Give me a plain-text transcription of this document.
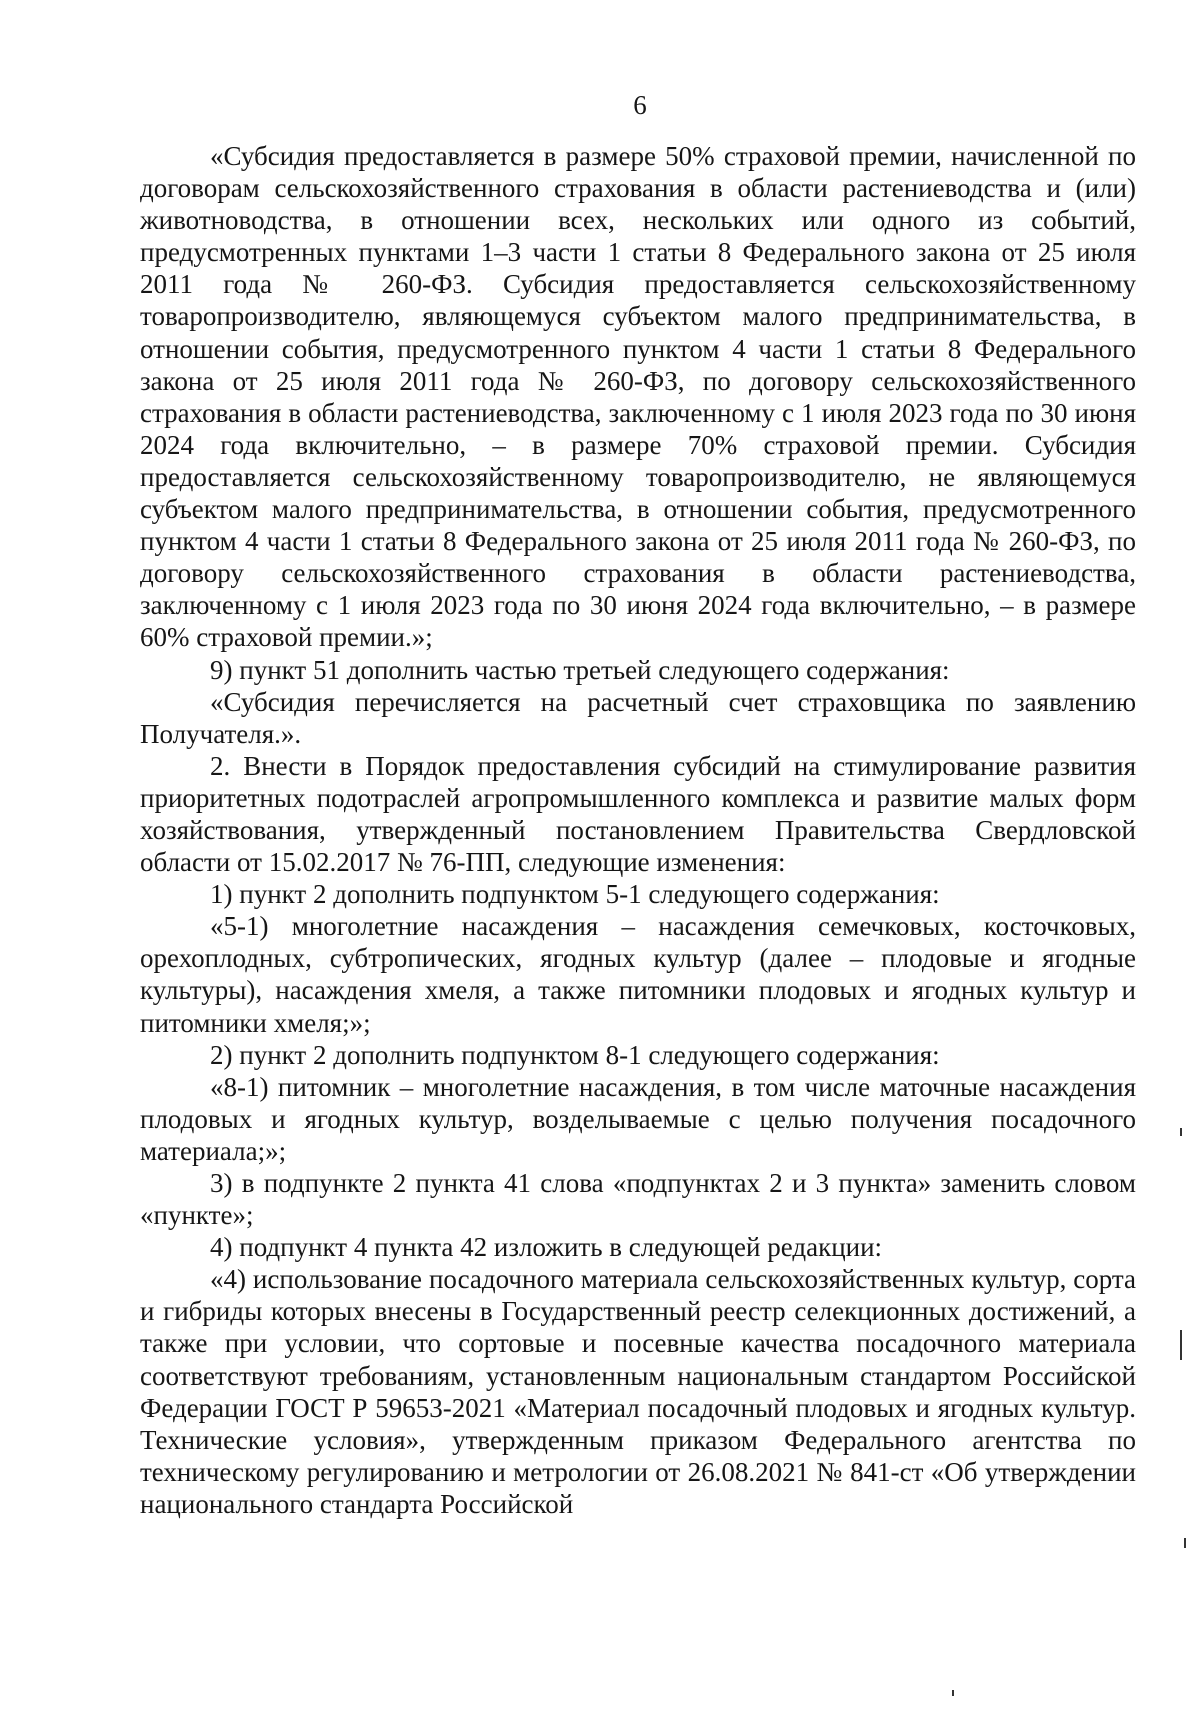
6

«Субсидия предоставляется в размере 50% страховой премии, начисленной по договорам сельскохозяйственного страхования в области растениеводства и (или) животноводства, в отношении всех, нескольких или одного из событий, предусмотренных пунктами 1–3 части 1 статьи 8 Федерального закона от 25 июля 2011 года № 260-ФЗ. Субсидия предоставляется сельскохозяйственному товаропроизводителю, являющемуся субъектом малого предпринимательства, в отношении события, предусмотренного пунктом 4 части 1 статьи 8 Федерального закона от 25 июля 2011 года № 260-ФЗ, по договору сельскохозяйственного страхования в области растениеводства, заключенному с 1 июля 2023 года по 30 июня 2024 года включительно, – в размере 70% страховой премии. Субсидия предоставляется сельскохозяйственному товаропроизводителю, не являющемуся субъектом малого предпринимательства, в отношении события, предусмотренного пунктом 4 части 1 статьи 8 Федерального закона от 25 июля 2011 года № 260-ФЗ, по договору сельскохозяйственного страхования в области растениеводства, заключенному с 1 июля 2023 года по 30 июня 2024 года включительно, – в размере 60% страховой премии.»;

9) пункт 51 дополнить частью третьей следующего содержания:

«Субсидия перечисляется на расчетный счет страховщика по заявлению Получателя.».

2. Внести в Порядок предоставления субсидий на стимулирование развития приоритетных подотраслей агропромышленного комплекса и развитие малых форм хозяйствования, утвержденный постановлением Правительства Свердловской области от 15.02.2017 № 76-ПП, следующие изменения:

1) пункт 2 дополнить подпунктом 5-1 следующего содержания:

«5-1) многолетние насаждения – насаждения семечковых, косточковых, орехоплодных, субтропических, ягодных культур (далее – плодовые и ягодные культуры), насаждения хмеля, а также питомники плодовых и ягодных культур и питомники хмеля;»;

2) пункт 2 дополнить подпунктом 8-1 следующего содержания:

«8-1) питомник – многолетние насаждения, в том числе маточные насаждения плодовых и ягодных культур, возделываемые с целью получения посадочного материала;»;

3) в подпункте 2 пункта 41 слова «подпунктах 2 и 3 пункта» заменить словом «пункте»;

4) подпункт 4 пункта 42 изложить в следующей редакции:

«4) использование посадочного материала сельскохозяйственных культур, сорта и гибриды которых внесены в Государственный реестр селекционных достижений, а также при условии, что сортовые и посевные качества посадочного материала соответствуют требованиям, установленным национальным стандартом Российской Федерации ГОСТ Р 59653-2021 «Материал посадочный плодовых и ягодных культур. Технические условия», утвержденным приказом Федерального агентства по техническому регулированию и метрологии от 26.08.2021 № 841-ст «Об утверждении национального стандарта Российской
